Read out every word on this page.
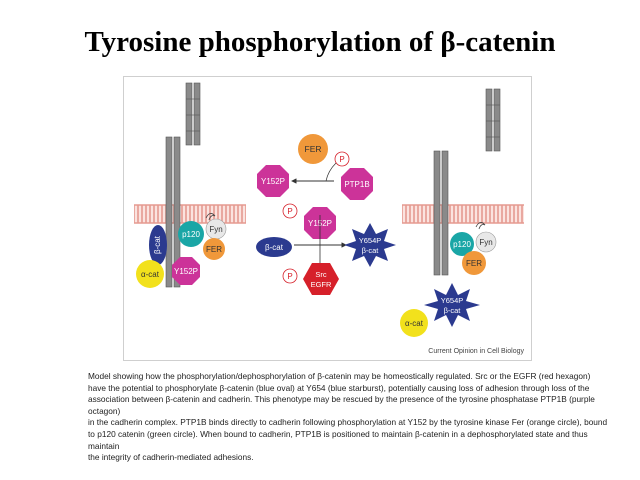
Tyrosine phosphorylation of β-catenin
β-cat
α-cat
p120
Fyn
FER
Y152P
FER
P
Y152P	PTP1B
P
Y152P
β-cat
Y654P
β-cat
P	Src
EGFR
p120 Fyn
FER
Y654P
β-cat
α-cat
Current Opinion in Cell Biology
Model showing how the phosphorylation/dephosphorylation of β-catenin may be homeostically regulated. Src or the EGFR (red hexagon)
have the potential to phosphorylate β-catenin (blue oval) at Y654 (blue starburst), potentially causing loss of adhesion through loss of the
association between β-catenin and cadherin. This phenotype may be rescued by the presence of the tyrosine phosphatase PTP1B (purple octagon)
in the cadherin complex. PTP1B binds directly to cadherin following phosphorylation at Y152 by the tyrosine kinase Fer (orange circle), bound
to p120 catenin (green circle). When bound to cadherin, PTP1B is positioned to maintain β-catenin in a dephosphorylated state and thus maintain
the integrity of cadherin-mediated adhesions.
